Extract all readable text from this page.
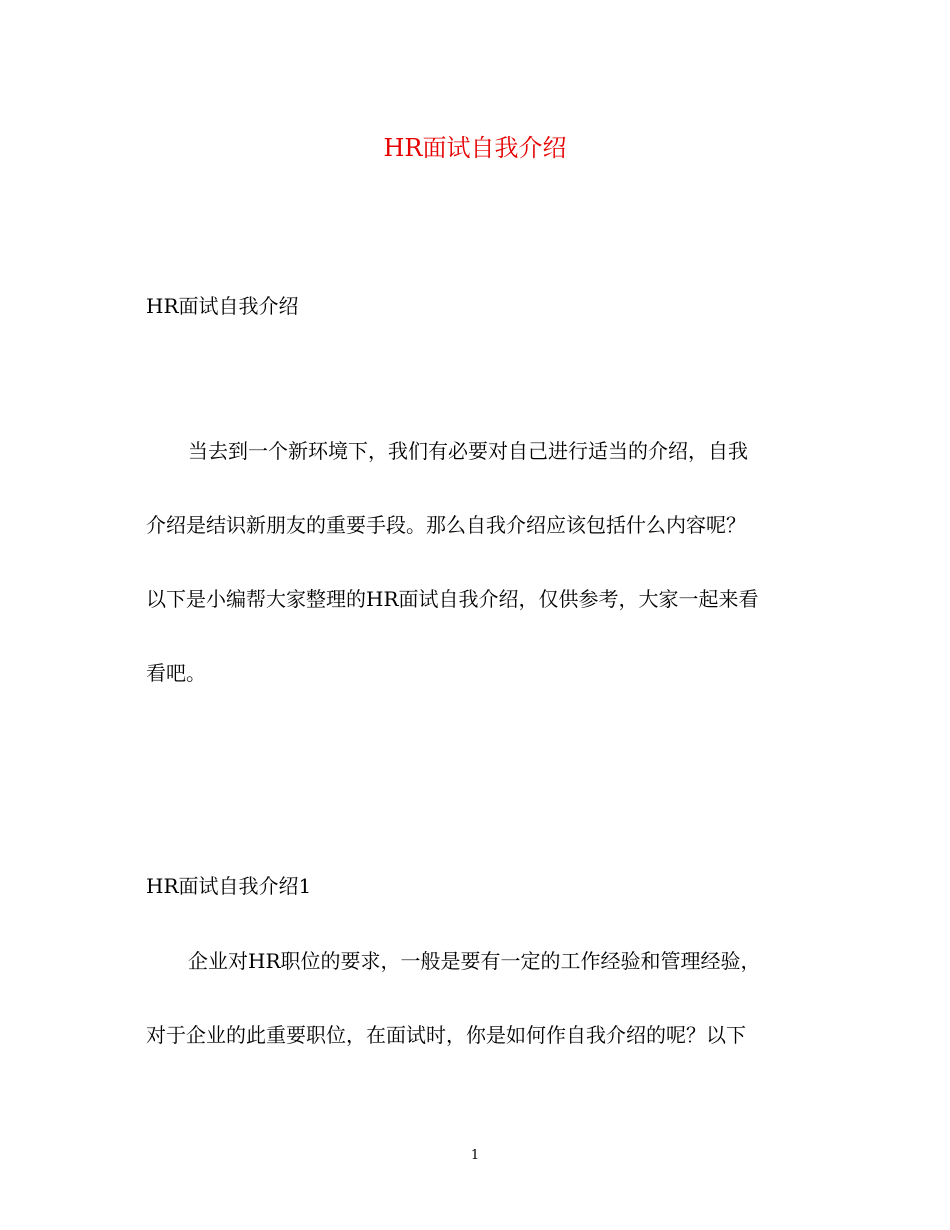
HR面试自我介绍
HR面试自我介绍
当去到一个新环境下，我们有必要对自己进行适当的介绍，自我
介绍是结识新朋友的重要手段。那么自我介绍应该包括什么内容呢？
以下是小编帮大家整理的HR面试自我介绍，仅供参考，大家一起来看
看吧。
HR面试自我介绍1
企业对HR职位的要求，一般是要有一定的工作经验和管理经验，
对于企业的此重要职位，在面试时，你是如何作自我介绍的呢？以下
1
